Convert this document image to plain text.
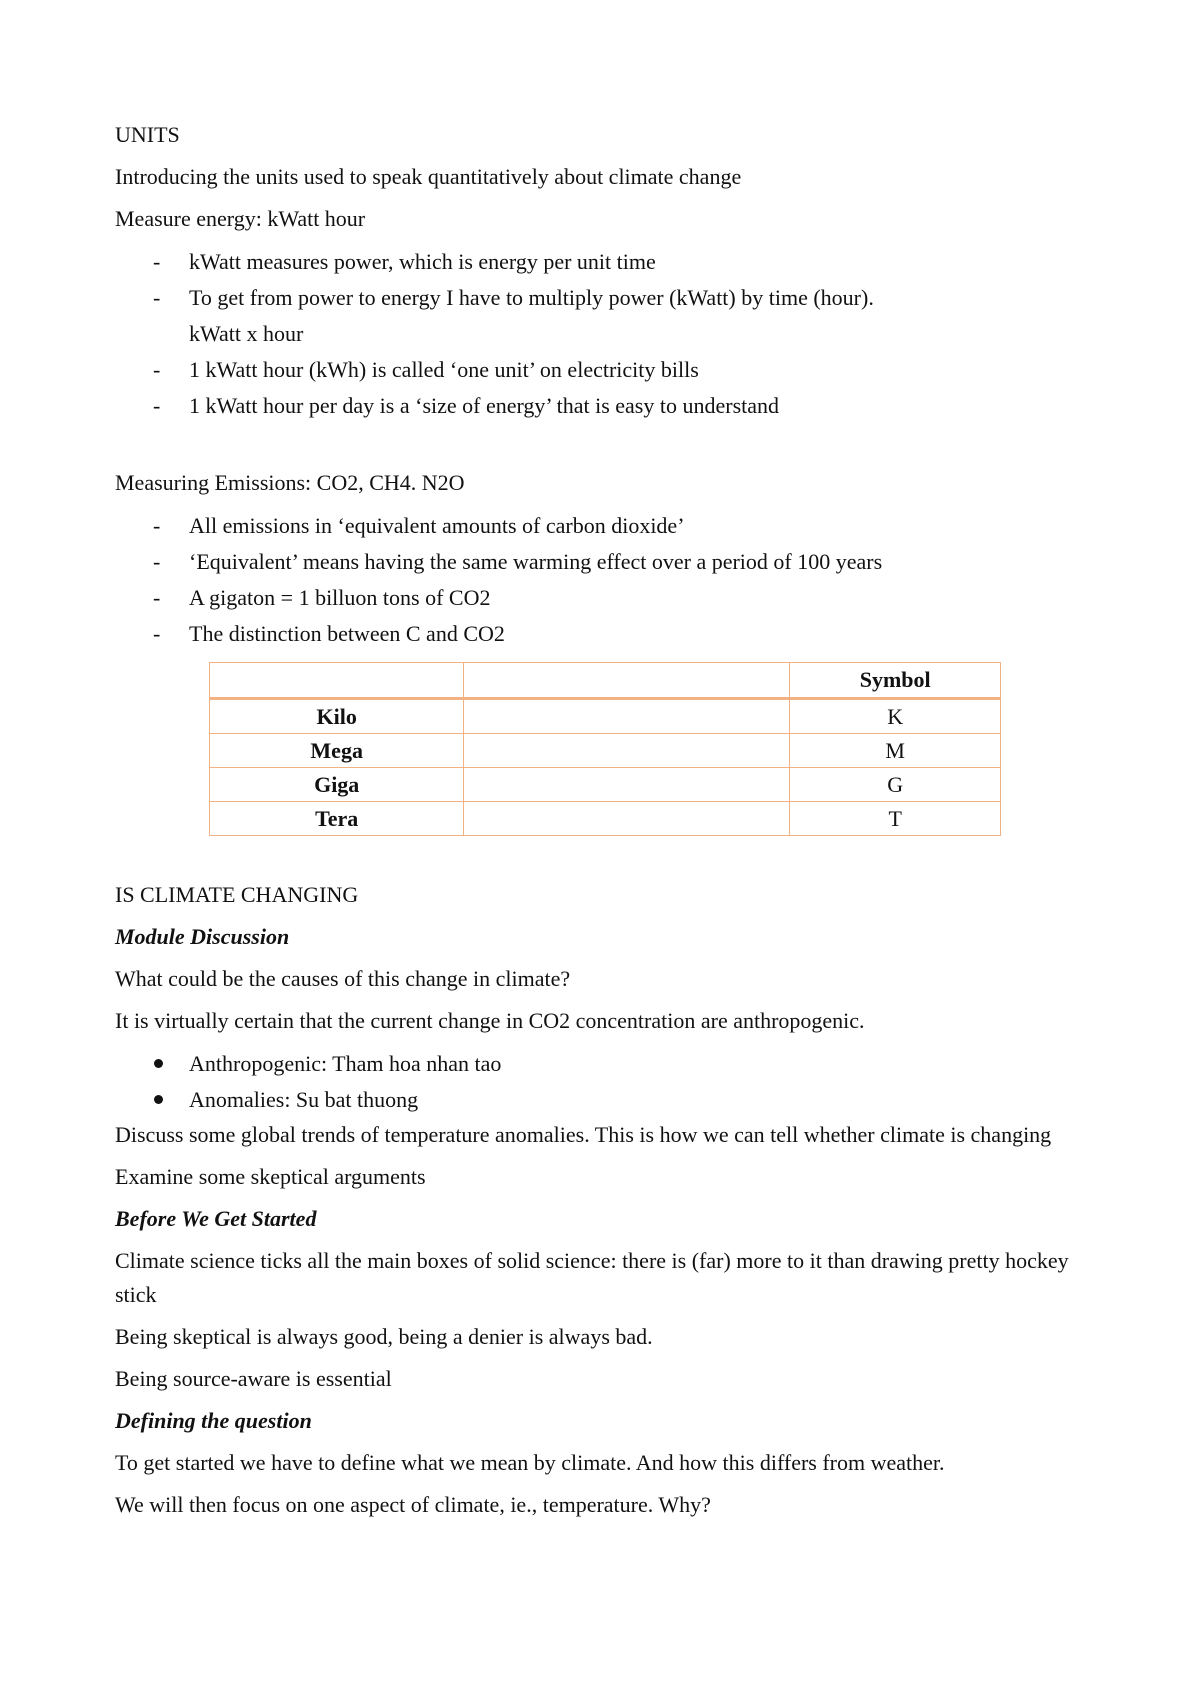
UNITS

Introducing the units used to speak quantitatively about climate change

Measure energy: kWatt hour

- kWatt measures power, which is energy per unit time
- To get from power to energy I have to multiply power (kWatt) by time (hour).
kWatt x hour
- 1 kWatt hour (kWh) is called ‘one unit’ on electricity bills
- 1 kWatt hour per day is a ‘size of energy’ that is easy to understand

Measuring Emissions: CO2, CH4. N2O

- All emissions in ‘equivalent amounts of carbon dioxide’
- ‘Equivalent’ means having the same warming effect over a period of 100 years
- A gigaton = 1 billuon tons of CO2
- The distinction between C and CO2
		Symbol
Kilo		K
Mega		M
Giga		G
Tera		T

IS CLIMATE CHANGING

Module Discussion

What could be the causes of this change in climate?

It is virtually certain that the current change in CO2 concentration are anthropogenic.

Anthropogenic: Tham hoa nhan tao
Anomalies: Su bat thuong

Discuss some global trends of temperature anomalies. This is how we can tell whether climate is changing

Examine some skeptical arguments

Before We Get Started

Climate science ticks all the main boxes of solid science: there is (far) more to it than drawing pretty hockey stick

Being skeptical is always good, being a denier is always bad.

Being source-aware is essential

Defining the question

To get started we have to define what we mean by climate. And how this differs from weather.

We will then focus on one aspect of climate, ie., temperature. Why?
